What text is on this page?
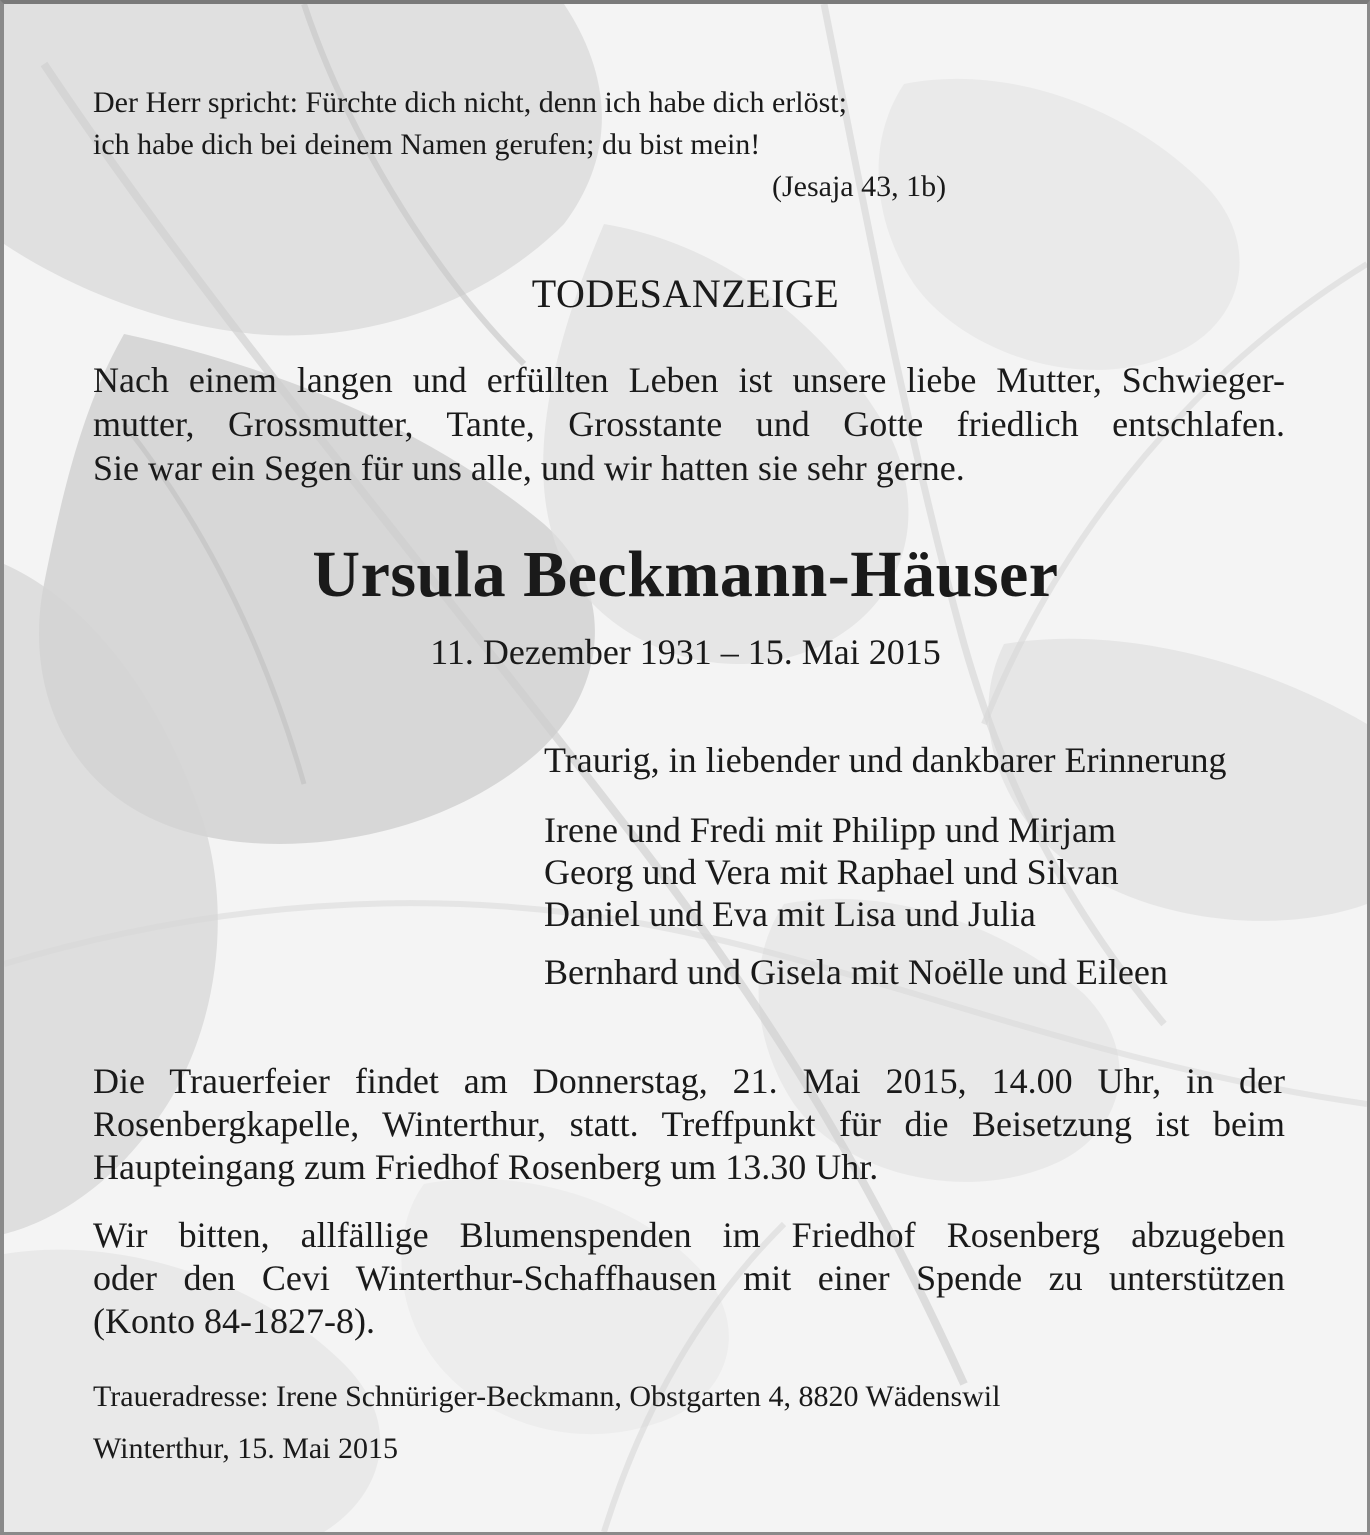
Der Herr spricht: Fürchte dich nicht, denn ich habe dich erlöst;
ich habe dich bei deinem Namen gerufen; du bist mein!
(Jesaja 43, 1b)
TODESANZEIGE
Nach einem langen und erfüllten Leben ist unsere liebe Mutter, Schwieger-
mutter, Grossmutter, Tante, Grosstante und Gotte friedlich entschlafen.
Sie war ein Segen für uns alle, und wir hatten sie sehr gerne.
Ursula Beckmann-Häuser
11. Dezember 1931 – 15. Mai 2015
Traurig, in liebender und dankbarer Erinnerung
Irene und Fredi mit Philipp und Mirjam
Georg und Vera mit Raphael und Silvan
Daniel und Eva mit Lisa und Julia
Bernhard und Gisela mit Noëlle und Eileen
Die Trauerfeier findet am Donnerstag, 21. Mai 2015, 14.00 Uhr, in der
Rosenbergkapelle, Winterthur, statt. Treffpunkt für die Beisetzung ist beim
Haupteingang zum Friedhof Rosenberg um 13.30 Uhr.
Wir bitten, allfällige Blumenspenden im Friedhof Rosenberg abzugeben
oder den Cevi Winterthur-Schaffhausen mit einer Spende zu unterstützen
(Konto 84-1827-8).
Traueradresse: Irene Schnüriger-Beckmann, Obstgarten 4, 8820 Wädenswil
Winterthur, 15. Mai 2015
